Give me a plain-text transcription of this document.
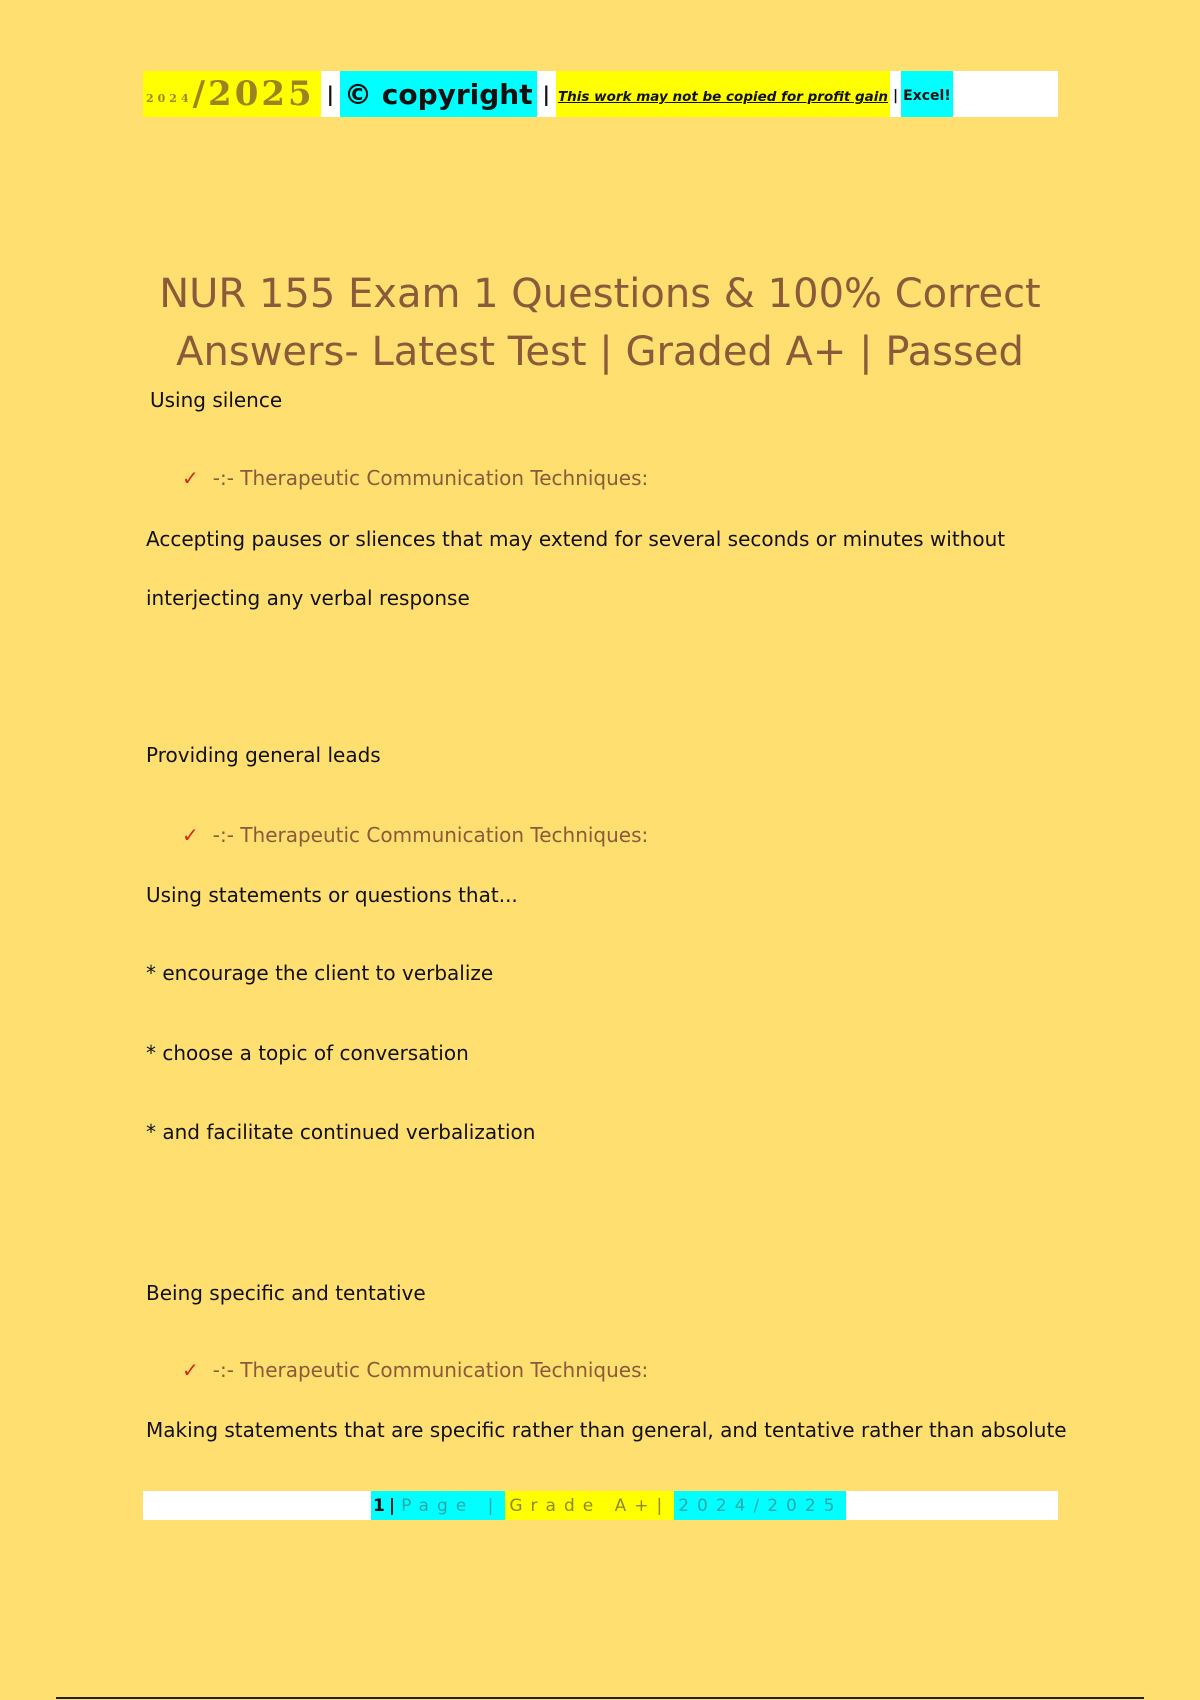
2024 /2025 | © copyright | This work may not be copied for profit gain | Excel!
NUR 155 Exam 1 Questions & 100% Correct
Answers- Latest Test | Graded A+ | Passed
Using silence
✓ -:- Therapeutic Communication Techniques:
Accepting pauses or sliences that may extend for several seconds or minutes without
interjecting any verbal response
Providing general leads
✓ -:- Therapeutic Communication Techniques:
Using statements or questions that...
* encourage the client to verbalize
* choose a topic of conversation
* and facilitate continued verbalization
Being specific and tentative
✓ -:- Therapeutic Communication Techniques:
Making statements that are specific rather than general, and tentative rather than absolute
1 | Page | Grade A+| 2024/2025
